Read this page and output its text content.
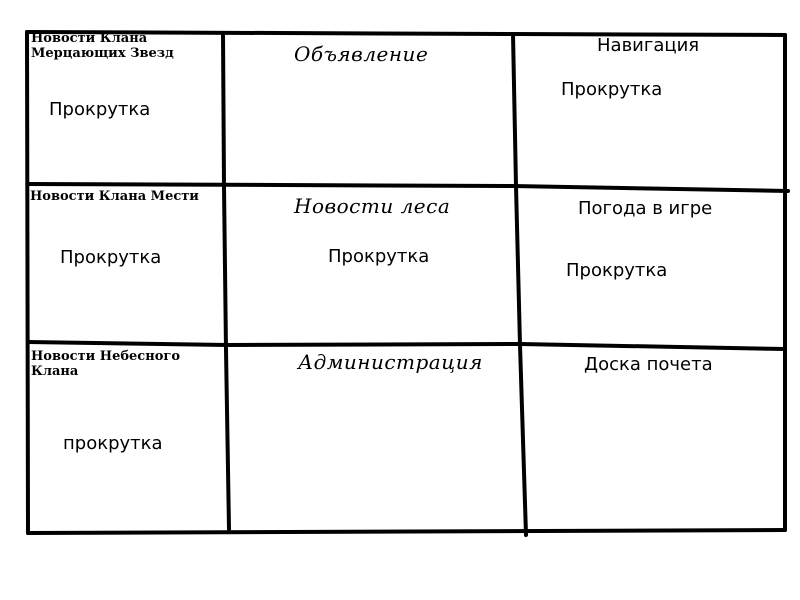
Новости Клана
Мерцающих Звезд
Прокрутка
Объявление	Навигация
Прокрутка
Новости Клана Мести
Прокрутка
Новости леса
Прокрутка
Погода в игре
Прокрутка
Новости Небесного
Клана
прокрутка
Администрация	Доска почета
